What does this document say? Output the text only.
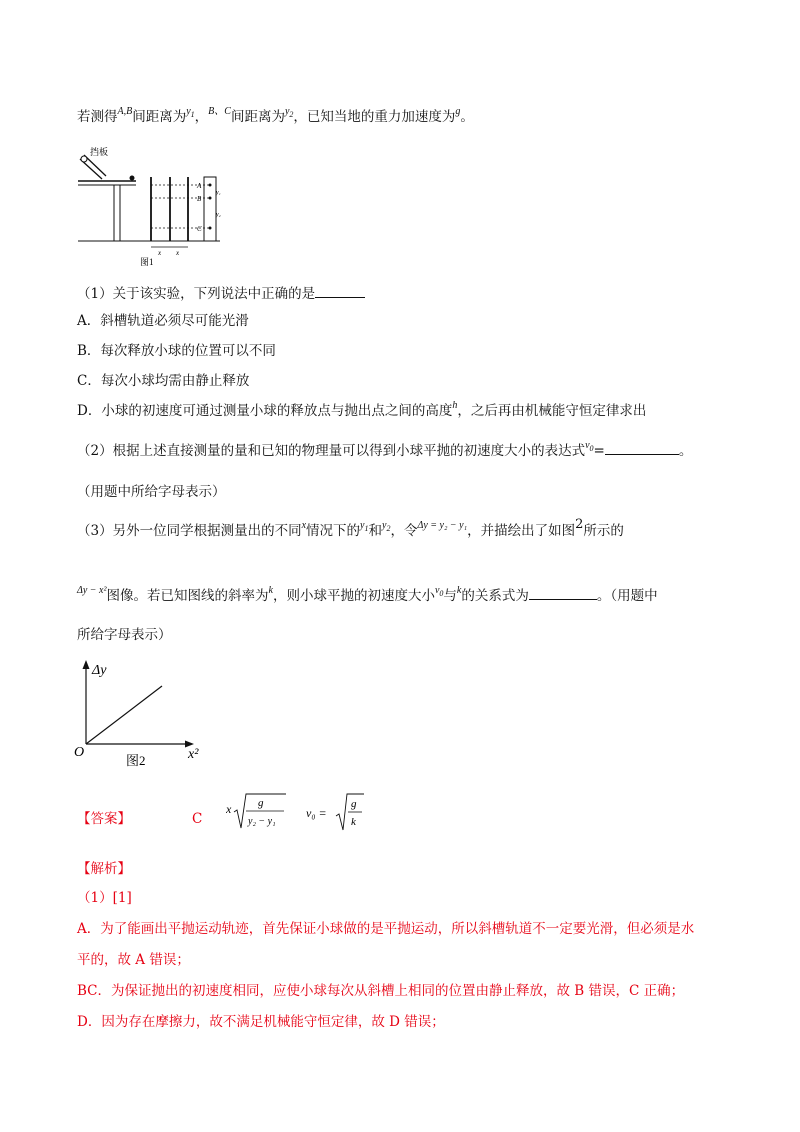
若测得$^{A,B}$间距离为$^{y_1}$，$^{B、C}$间距离为$^{y_2}$，已知当地的重力加速度为$^g$。
A
B
C
y₁
y₂
x x
挡板
图1
（1）关于该实验，下列说法中正确的是
A．斜槽轨道必须尽可能光滑
B．每次释放小球的位置可以不同
C．每次小球均需由静止释放
D．小球的初速度可通过测量小球的释放点与抛出点之间的高度$^h$，之后再由机械能守恒定律求出
（2）根据上述直接测量的量和已知的物理量可以得到小球平抛的初速度大小的表达式$^{v_0}$=	。
（用题中所给字母表示）
（3）另外一位同学根据测量出的不同$^x$情况下的$^{y_1}$和$^{y_2}$，令$^{\Delta y = y_2 - y_1}$，并描绘出了如图2所示的
$^{\Delta y - x^2}$图像。若已知图线的斜率为$^k$，则小球平抛的初速度大小$^{v_0}$与$^k$的关系式为	。（用题中
所给字母表示）
Δy
x²
O
图2
【答案】	C
x g
y₂ − y₁
v₀ =
g
k
【解析】
（1）[1]
A．为了能画出平抛运动轨迹，首先保证小球做的是平抛运动，所以斜槽轨道不一定要光滑，但必须是水
平的，故 A 错误；
BC．为保证抛出的初速度相同，应使小球每次从斜槽上相同的位置由静止释放，故 B 错误，C 正确；
D．因为存在摩擦力，故不满足机械能守恒定律，故 D 错误；
